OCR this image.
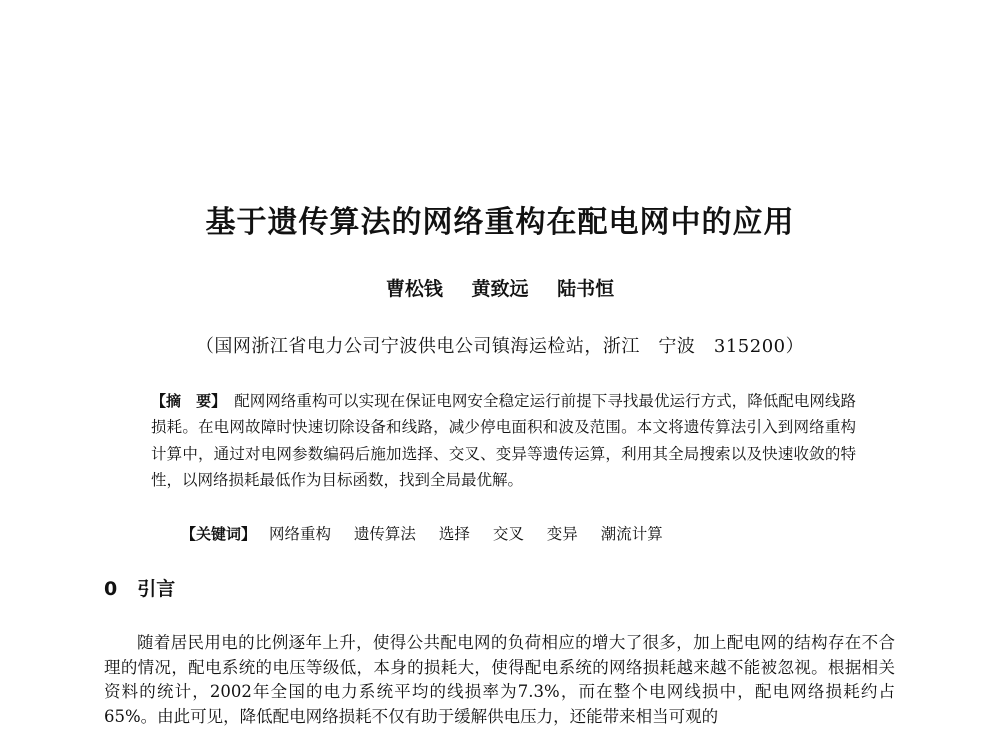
基于遗传算法的网络重构在配电网中的应用
曹松钱 黄致远 陆书恒
（国网浙江省电力公司宁波供电公司镇海运检站，浙江　宁波　315200）
【摘　要】 配网网络重构可以实现在保证电网安全稳定运行前提下寻找最优运行方式，降低配电网线路损耗。在电网故障时快速切除设备和线路，减少停电面积和波及范围。本文将遗传算法引入到网络重构计算中，通过对电网参数编码后施加选择、交叉、变异等遗传运算，利用其全局搜索以及快速收敛的特性，以网络损耗最低作为目标函数，找到全局最优解。
【关键词】 网络重构 遗传算法 选择 交叉 变异 潮流计算
0 引言

随着居民用电的比例逐年上升，使得公共配电网的负荷相应的增大了很多，加上配电网的结构存在不合理的情况，配电系统的电压等级低，本身的损耗大，使得配电系统的网络损耗越来越不能被忽视。根据相关资料的统计，2002年全国的电力系统平均的线损率为7.3%，而在整个电网线损中，配电网络损耗约占65%。由此可见，降低配电网络损耗不仅有助于缓解供电压力，还能带来相当可观的
